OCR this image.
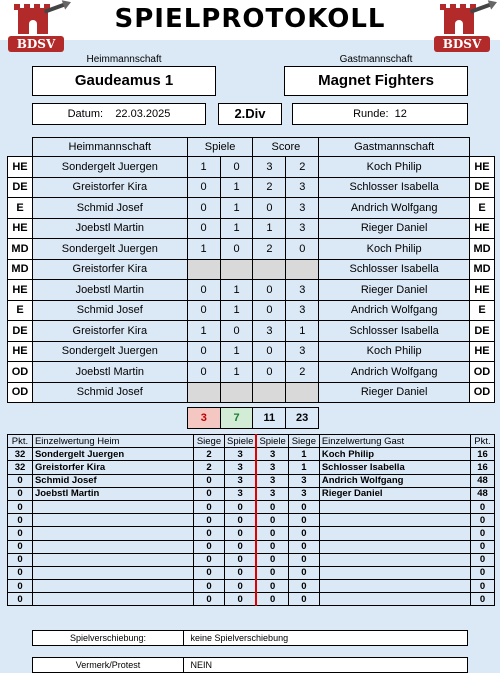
BDSV	BDSV
SPIELPROTOKOLL
Heimmannschaft
Gaudeamus 1
Gastmannschaft
Magnet Fighters
Datum: 22.03.2025	2.Div	Runde: 12
	Heimmannschaft	Spiele		Score		Gastmannschaft	
HE	Sondergelt Juergen	1	0	3	2	Koch Philip	HE
DE	Greistorfer Kira	0	1	2	3	Schlosser Isabella	DE
E	Schmid Josef	0	1	0	3	Andrich Wolfgang	E
HE	Joebstl Martin	0	1	1	3	Rieger Daniel	HE
MD	Sondergelt Juergen	1	0	2	0	Koch Philip	MD
MD	Greistorfer Kira					Schlosser Isabella	MD
HE	Joebstl Martin	0	1	0	3	Rieger Daniel	HE
E	Schmid Josef	0	1	0	3	Andrich Wolfgang	E
DE	Greistorfer Kira	1	0	3	1	Schlosser Isabella	DE
HE	Sondergelt Juergen	0	1	0	3	Koch Philip	HE
OD	Joebstl Martin	0	1	0	2	Andrich Wolfgang	OD
OD	Schmid Josef					Rieger Daniel	OD
3	7	11	23
Pkt.	Einzelwertung Heim	Siege	Spiele	Spiele	Siege	Einzelwertung Gast	Pkt.
32	Sondergelt Juergen	2	3	3	1	Koch Philip	16
32	Greistorfer Kira	2	3	3	1	Schlosser Isabella	16
0	Schmid Josef	0	3	3	3	Andrich Wolfgang	48
0	Joebstl Martin	0	3	3	3	Rieger Daniel	48
0		0	0	0	0		0
0		0	0	0	0		0
0		0	0	0	0		0
0		0	0	0	0		0
0		0	0	0	0		0
0		0	0	0	0		0
0		0	0	0	0		0
0		0	0	0	0		0
Spielverschiebung:	keine Spielverschiebung
Vermerk/Protest	NEIN
